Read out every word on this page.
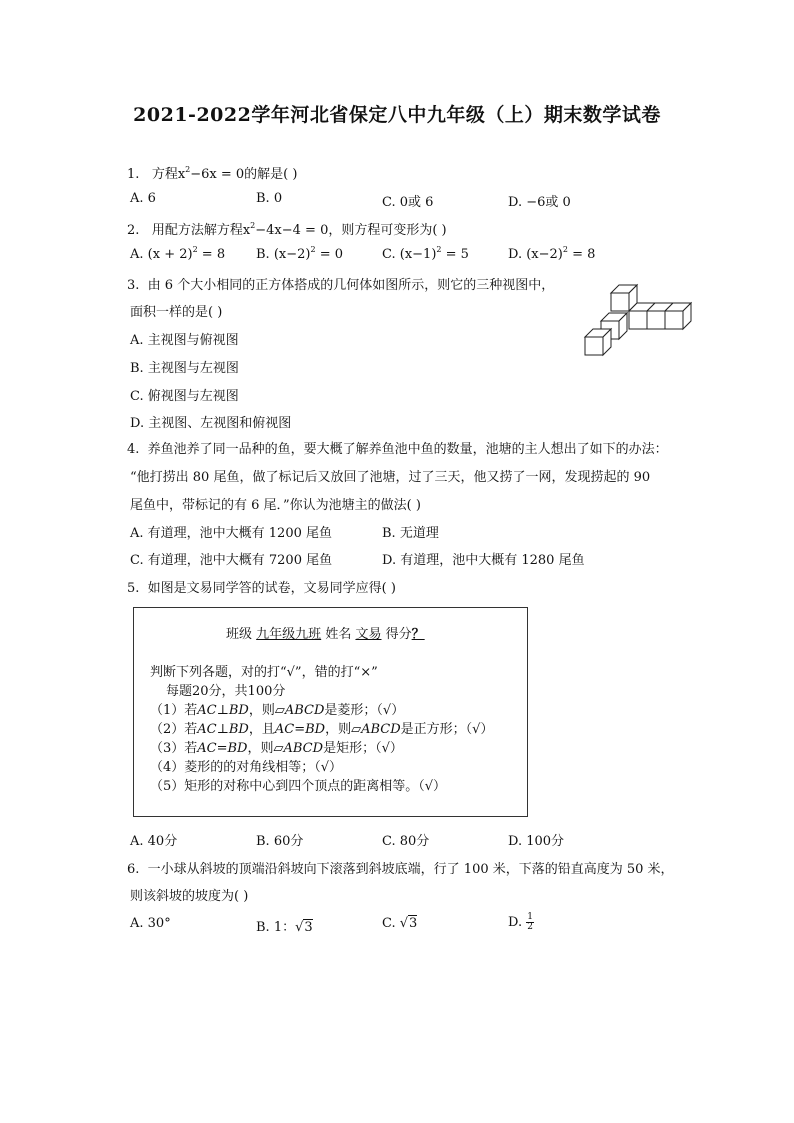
2021-2022学年河北省保定八中九年级（上）期末数学试卷
1. 方程$x^2-6x = 0$的解是( )
A. 6	B. 0	C. 0或 6	D. −6或 0
2. 用配方法解方程$x^2-4x-4 = 0$，则方程可变形为( )
A. $(x + 2)^2 = 8$ B. $(x-2)^2 = 0$	C. $(x-1)^2 = 5$	D. $(x-2)^2 = 8$
3. 由 6 个大小相同的正方体搭成的几何体如图所示，则它的三种视图中，
面积一样的是( )
A. 主视图与俯视图
B. 主视图与左视图
C. 俯视图与左视图
D. 主视图、左视图和俯视图
4. 养鱼池养了同一品种的鱼，要大概了解养鱼池中鱼的数量，池塘的主人想出了如下的办法：
“他打捞出 80 尾鱼，做了标记后又放回了池塘，过了三天，他又捞了一网，发现捞起的 90
尾鱼中，带标记的有 6 尾．”你认为池塘主的做法( )
A. 有道理，池中大概有 1200 尾鱼	B. 无道理
C. 有道理，池中大概有 7200 尾鱼	D. 有道理，池中大概有 1280 尾鱼
5. 如图是文易同学答的试卷，文易同学应得( )
班级 九年级九班 姓名 文易 得分？
判断下列各题，对的打“√”，错的打“×”
每题20分，共100分
（1）若AC⊥BD，则▱ABCD是菱形；（√）
（2）若AC⊥BD，且AC=BD，则▱ABCD是正方形；（√）
（3）若AC=BD，则▱ABCD是矩形；（√）
（4）菱形的的对角线相等；（√）
（5）矩形的对称中心到四个顶点的距离相等。（√）
A. 40分	B. 60分	C. 80分	D. 100分
6. 一小球从斜坡的顶端沿斜坡向下滚落到斜坡底端，行了 100 米，下落的铅直高度为 50 米，
则该斜坡的坡度为( )
A. 30°	B. 1：√3	C. √3	D. $\frac{1}{2}$
